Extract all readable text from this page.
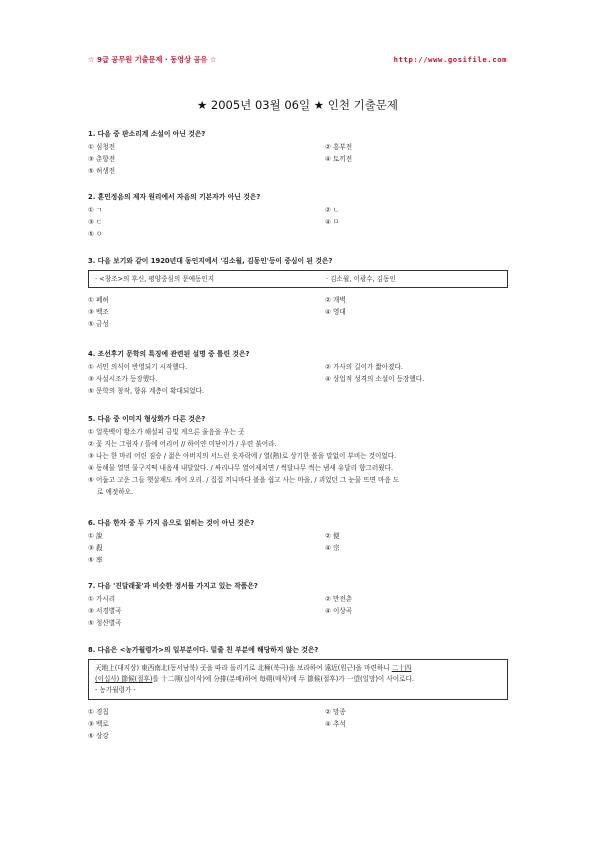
☆ 9급 공무원 기출문제 · 동영상 공유 ☆	http://www.gosifile.com
★ 2005년 03월 06일 ★ 인천 기출문제
1. 다음 중 판소리계 소설이 아닌 것은?
① 심청전	② 흥부전
③ 춘향전	④ 토끼전
⑤ 허생전
2. 훈민정음의 제자 원리에서 자음의 기본자가 아닌 것은?
① ㄱ	② ㄴ
③ ㄷ	④ ㅁ
⑤ ㅇ
3. 다음 보기와 같이 1920년대 동인지에서 '김소월, 김동인'등이 중심이 된 것은?
· <창조>의 후신, 평양중심의 문예동인지	· 김소월, 이광수, 김동인
① 폐허	② 개벽
③ 백조	④ 영대
⑤ 금성
4. 조선후기 문학의 특징에 관련된 설명 중 틀린 것은?
① 서민 의식이 반영되기 시작했다.	② 가사의 길이가 짧아졌다.
③ 사설시조가 등장했다.	④ 상업적 성격의 소설이 등장했다.
⑤ 문학의 창작, 향유 계층이 확대되었다.
5. 다음 중 이미지 형상화가 다른 것은?
① 얼룩백이 황소가 해설피 금빛 게으른 울음을 우는 곳
② 꽃 지는 그림자 / 뜰에 어리어 // 하이얀 미닫이가 / 우련 붉어라.
③ 나는 한 마리 어린 짐승 / 젊은 아버지의 서느런 옷자락에 / 열(熱)로 상기한 볼을 말없이 부비는 것이었다.
④ 동해물 열면 물구지떡 내음새 내달았다. / 싸리나무 열어제치면 / 썩달나무 썩는 냄새 유달리 향그러웠다.
⑤ 어둡고 고운 그들 햇살재도 캐어 오리. / 집집 끼니마다 볼을 쉽고 사는 마을, / 괴었던 그 눈물 뜨면 마음 도
로 애젓하오.
6. 다음 한자 중 두 가지 음으로 읽히는 것이 아닌 것은?
① 說	② 便
③ 殺	④ 宗
⑤ 率
7. 다음 '진달래꽃'과 비슷한 정서를 가지고 있는 작품은?
① 가시리	② 만전춘
③ 서경별곡	④ 이상곡
⑤ 청산별곡
8. 다음은 <농가월령가>의 일부분이다. 밑줄 친 부분에 해당하지 않는 것은?
天地上(대지상) 東西南北(동서남북) 곳을 따라 돌리기로 北極(북극)을 보라하여 遠近(원근)을 마련하니 二十四
(이십사) 節候(절후)를 十二朔(십이삭)에 分排(분배)하여 每朔(매삭)에 두 節候(절후)가 一望(일망)이 사이로다.
- 농가월령가 -
① 경칩	② 망종
③ 백로	④ 추석
⑤ 상강
